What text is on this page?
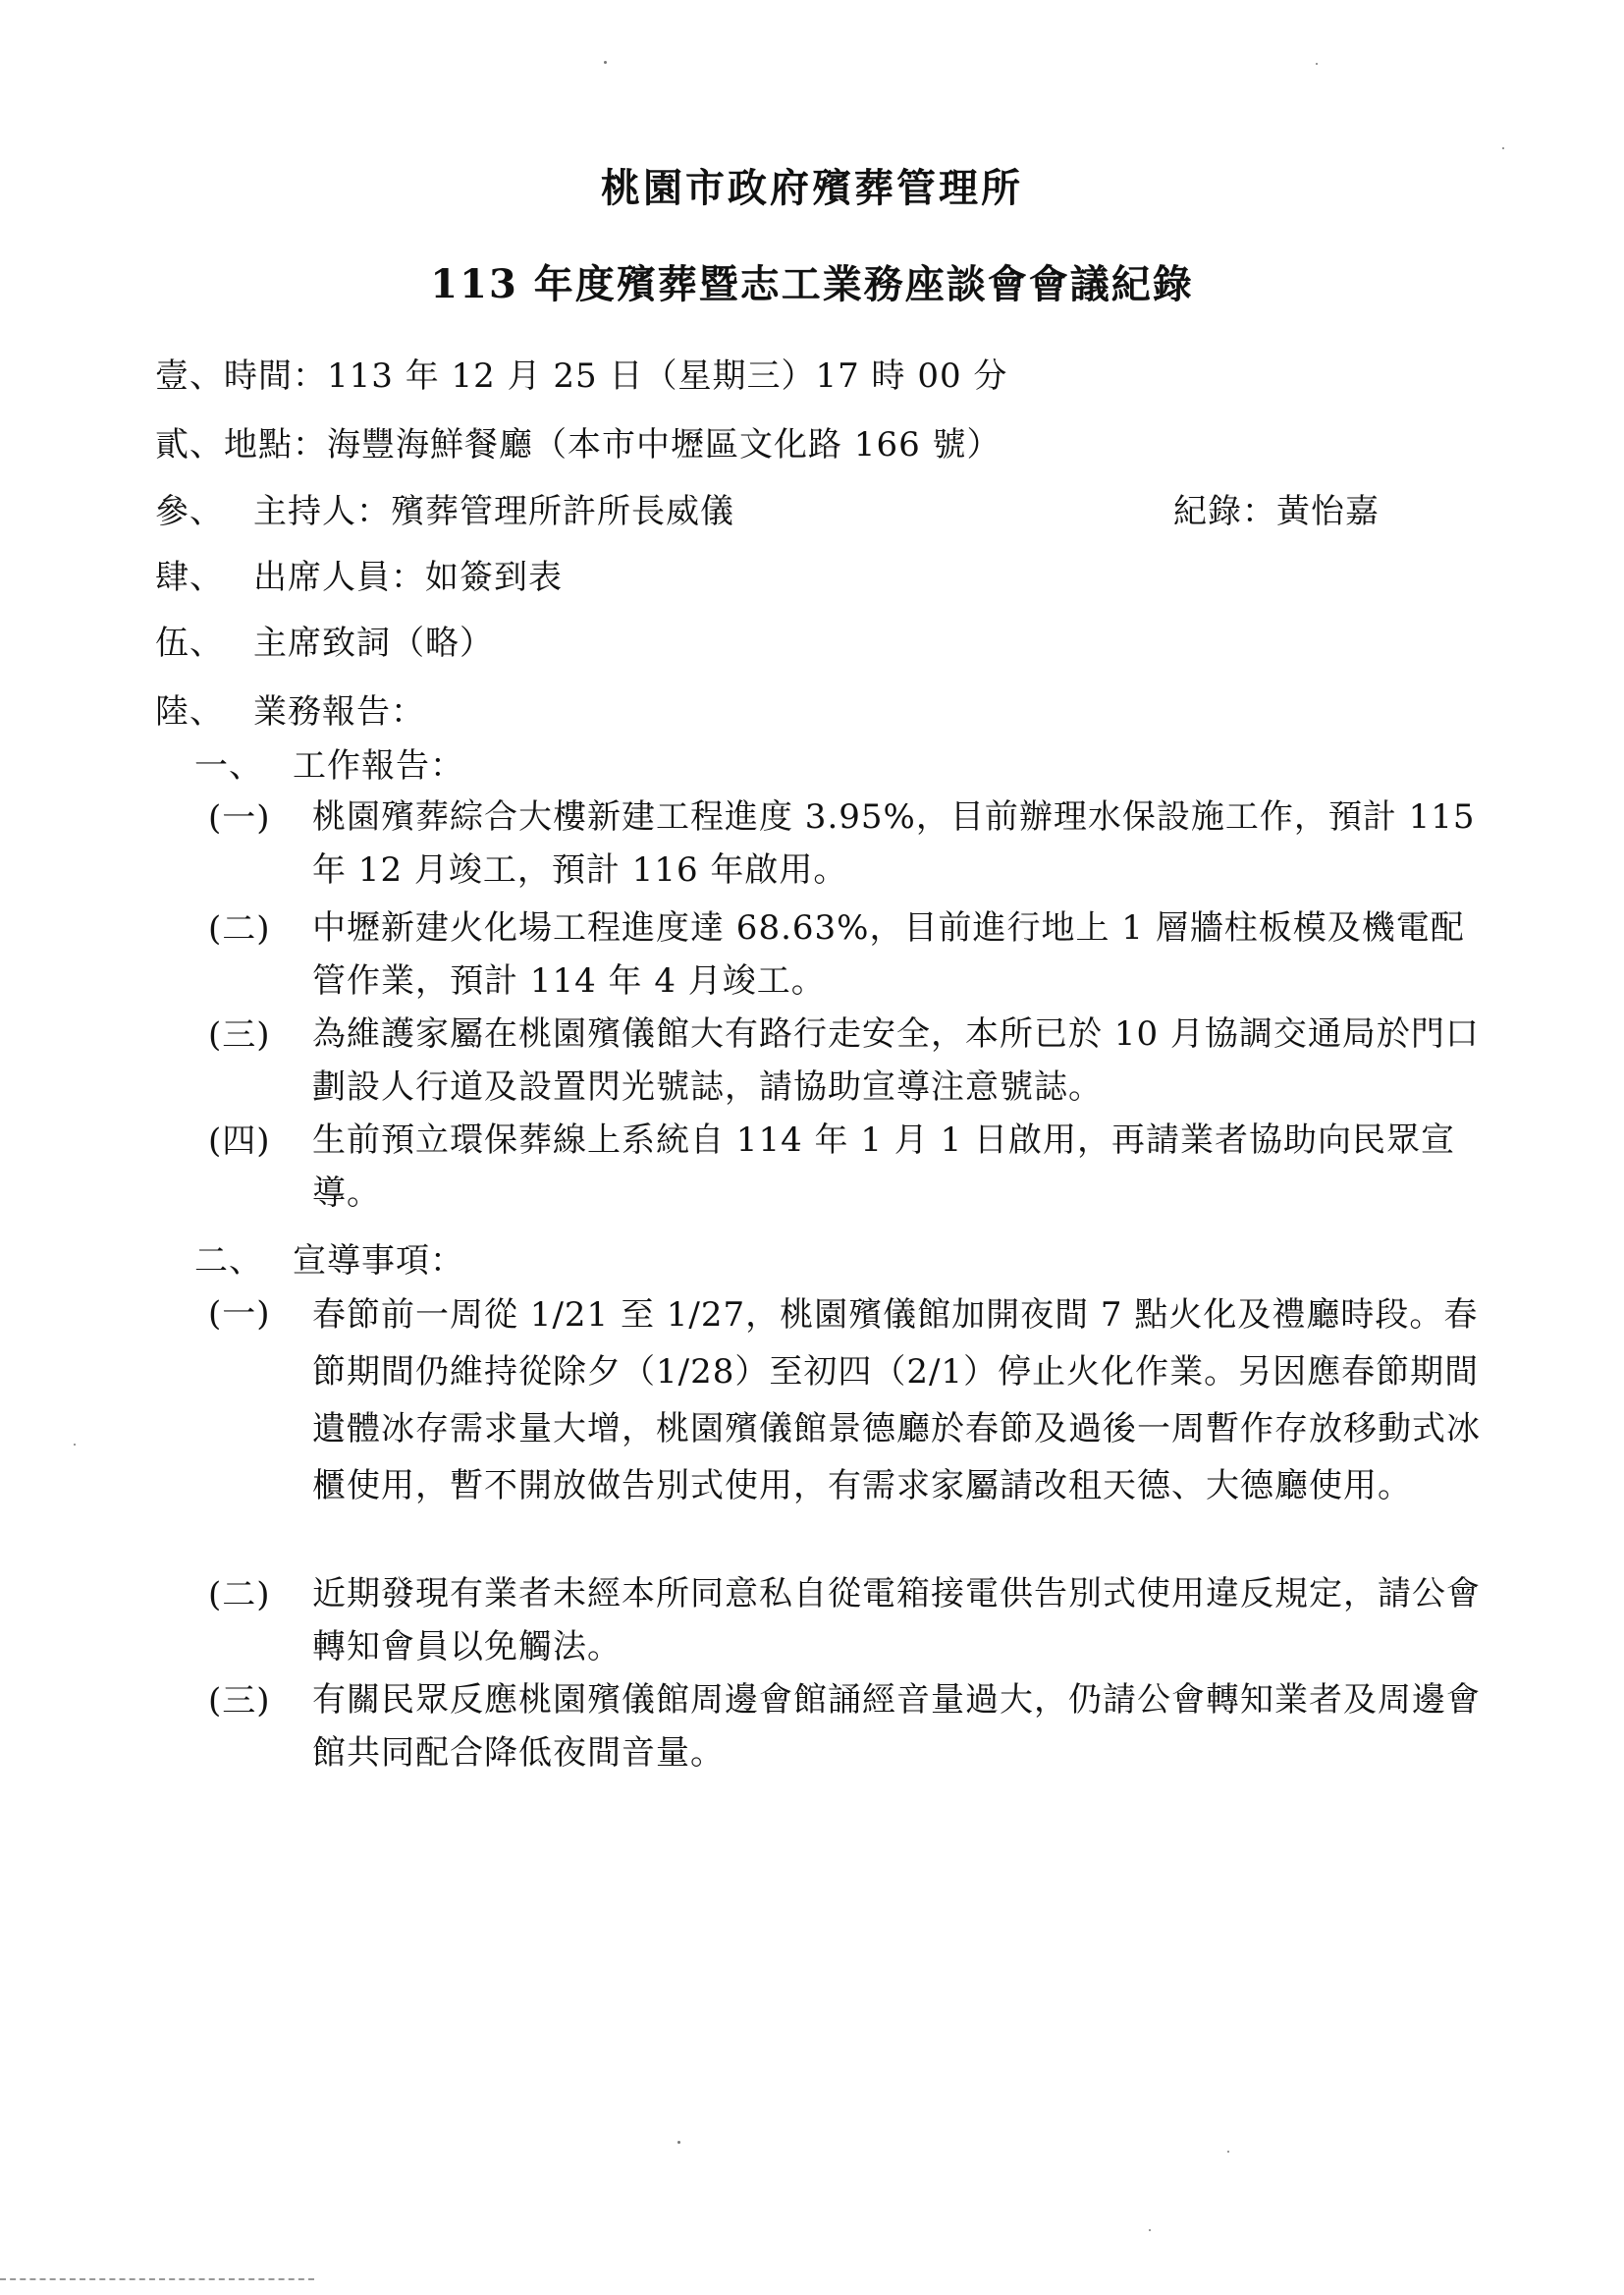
桃園市政府殯葬管理所
113 年度殯葬暨志工業務座談會會議紀錄
壹、時間：113 年 12 月 25 日（星期三）17 時 00 分
貳、地點：海豐海鮮餐廳（本市中壢區文化路 166 號）
參、 主持人：殯葬管理所許所長威儀	紀錄：黃怡嘉
肆、 出席人員：如簽到表
伍、 主席致詞（略）
陸、 業務報告：
一、 工作報告：
(一) 桃園殯葬綜合大樓新建工程進度 3.95%，目前辦理水保設施工作，預計 115 年 12 月竣工，預計 116 年啟用。
(二) 中壢新建火化場工程進度達 68.63%，目前進行地上 1 層牆柱板模及機電配管作業，預計 114 年 4 月竣工。
(三) 為維護家屬在桃園殯儀館大有路行走安全，本所已於 10 月協調交通局於門口劃設人行道及設置閃光號誌，請協助宣導注意號誌。
(四) 生前預立環保葬線上系統自 114 年 1 月 1 日啟用，再請業者協助向民眾宣導。
二、 宣導事項：
(一) 春節前一周從 1/21 至 1/27，桃園殯儀館加開夜間 7 點火化及禮廳時段。春節期間仍維持從除夕（1/28）至初四（2/1）停止火化作業。另因應春節期間遺體冰存需求量大增，桃園殯儀館景德廳於春節及過後一周暫作存放移動式冰櫃使用，暫不開放做告別式使用，有需求家屬請改租天德、大德廳使用。
(二) 近期發現有業者未經本所同意私自從電箱接電供告別式使用違反規定，請公會轉知會員以免觸法。
(三) 有關民眾反應桃園殯儀館周邊會館誦經音量過大，仍請公會轉知業者及周邊會館共同配合降低夜間音量。
